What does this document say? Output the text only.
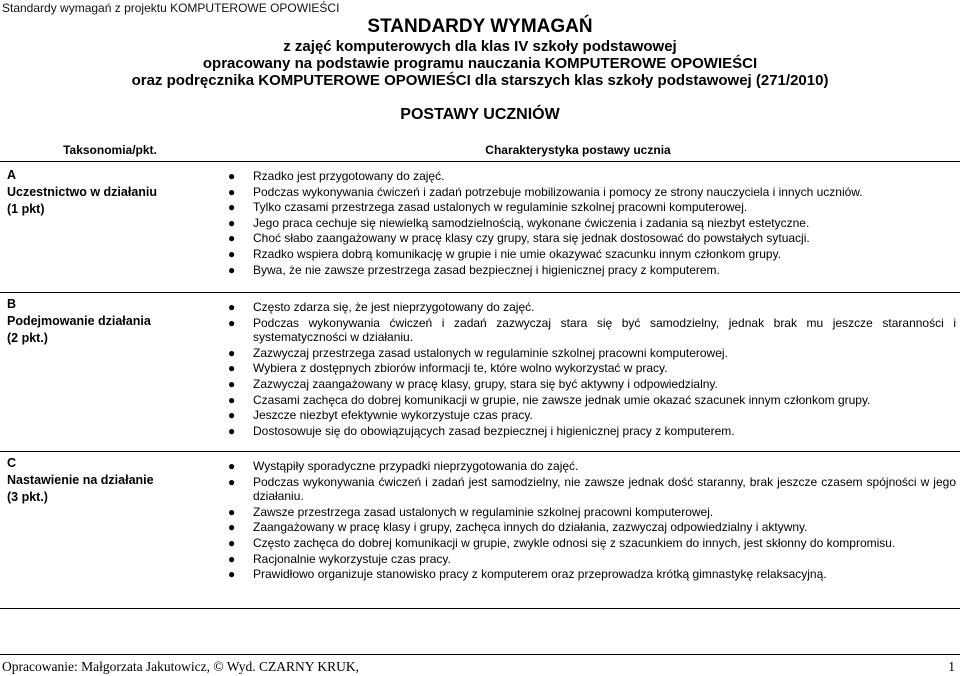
Standardy wymagań z projektu KOMPUTEROWE OPOWIEŚCI
STANDARDY WYMAGAŃ
z zajęć komputerowych dla klas IV szkoły podstawowej
opracowany na podstawie programu nauczania KOMPUTEROWE OPOWIEŚCI
oraz podręcznika KOMPUTEROWE OPOWIEŚCI dla starszych klas szkoły podstawowej (271/2010)
POSTAWY UCZNIÓW
Taksonomia/pkt.	Charakterystyka postawy ucznia
A
Uczestnictwo w działaniu
(1 pkt)
● Rzadko jest przygotowany do zajęć.
● Podczas wykonywania ćwiczeń i zadań potrzebuje mobilizowania i pomocy ze strony nauczyciela i innych uczniów.
● Tylko czasami przestrzega zasad ustalonych w regulaminie szkolnej pracowni komputerowej.
● Jego praca cechuje się niewielką samodzielnością, wykonane ćwiczenia i zadania są niezbyt estetyczne.
● Choć słabo zaangażowany w pracę klasy czy grupy, stara się jednak dostosować do powstałych sytuacji.
● Rzadko wspiera dobrą komunikację w grupie i nie umie okazywać szacunku innym członkom grupy.
● Bywa, że nie zawsze przestrzega zasad bezpiecznej i higienicznej pracy z komputerem.
B
Podejmowanie działania
(2 pkt.)
● Często zdarza się, że jest nieprzygotowany do zajęć.
● Podczas wykonywania ćwiczeń i zadań zazwyczaj stara się być samodzielny, jednak brak mu jeszcze staranności i systematyczności w działaniu.
● Zazwyczaj przestrzega zasad ustalonych w regulaminie szkolnej pracowni komputerowej.
● Wybiera z dostępnych zbiorów informacji te, które wolno wykorzystać w pracy.
● Zazwyczaj zaangażowany w pracę klasy, grupy, stara się być aktywny i odpowiedzialny.
● Czasami zachęca do dobrej komunikacji w grupie, nie zawsze jednak umie okazać szacunek innym członkom grupy.
● Jeszcze niezbyt efektywnie wykorzystuje czas pracy.
● Dostosowuje się do obowiązujących zasad bezpiecznej i higienicznej pracy z komputerem.
C
Nastawienie na działanie
(3 pkt.)
● Wystąpiły sporadyczne przypadki nieprzygotowania do zajęć.
● Podczas wykonywania ćwiczeń i zadań jest samodzielny, nie zawsze jednak dość staranny, brak jeszcze czasem spójności w jego działaniu.
● Zawsze przestrzega zasad ustalonych w regulaminie szkolnej pracowni komputerowej.
● Zaangażowany w pracę klasy i grupy, zachęca innych do działania, zazwyczaj odpowiedzialny i aktywny.
● Często zachęca do dobrej komunikacji w grupie, zwykle odnosi się z szacunkiem do innych, jest skłonny do kompromisu.
● Racjonalnie wykorzystuje czas pracy.
● Prawidłowo organizuje stanowisko pracy z komputerem oraz przeprowadza krótką gimnastykę relaksacyjną.
Opracowanie: Małgorzata Jakutowicz, © Wyd. CZARNY KRUK,	1
